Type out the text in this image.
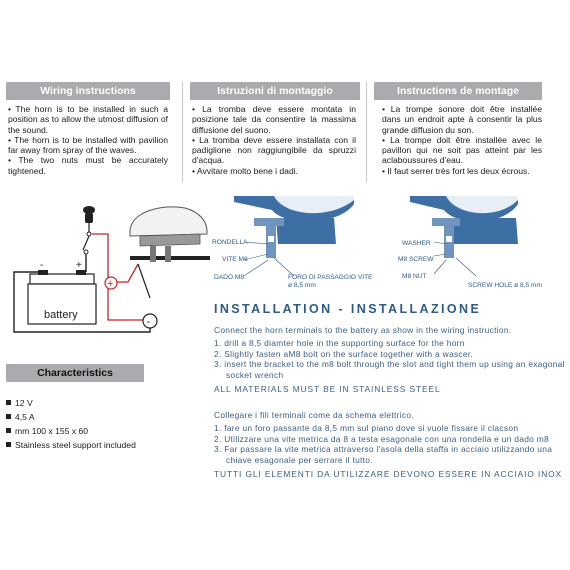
Wiring instructions	Istruzioni di montaggio	Instructions de montage

• The horn is to be installed in such a position as to allow the utmost diffusion of the sound.

• The horn is to be installed with pavilion far away from spray of the waves.

• The two nuts must be accurately tightened.

• La tromba deve essere montata in posizione tale da consentire la massima diffusione del suono.

• La tromba deve essere installata con il padiglione non raggiungibile da spruzzi d'acqua.

• Avvitare molto bene i dadi.

• La trompe sonore doit être installée dans un endroit apte à consentir la plus grande diffusion du son.

• La trompe doit être installée avec le pavillon qui ne soit pas atteint par les aclaboussures d'eau.

• Il faut serrer très fort les deux écrous.

-	+
battery
+
-
RONDELLA
VITE M8
DADO M8	FORO DI PASSAGGIO VITE
ø 8,5 mm
WASHER
M8 SCREW
M8 NUT
SCREW HOLE ø 8,5 mm
INSTALLATION - INSTALLAZIONE

Connect the horn terminals to the battery as show in the wiring instruction.

1. drill a 8,5 diamter hole in the supporting surface for the horn

2. Slightly fasten aM8 bolt on the surface together with a wascer.

3. insert the bracket to the m8 bolt through the slot and tight them up using an exagonal socket wrench

ALL MATERIALS MUST BE IN STAINLESS STEEL

Collegare i fili terminali come da schema elettrico.

1. fare un foro passante da 8,5 mm sul piano dove si vuole fissare il clacson

2. Utilizzare una vite metrica da 8 a testa esagonale con una rondella e un dado m8

3. Far passare la vite metrica attraverso l'asola della staffa in acciaio utilizzando una chiave esagonale per serrare il tutto.

TUTTI GLI ELEMENTI DA UTILIZZARE DEVONO ESSERE IN ACCIAIO INOX

Characteristics
12 V
4,5 A
mm 100 x 155 x 60
Stainless steel support included
